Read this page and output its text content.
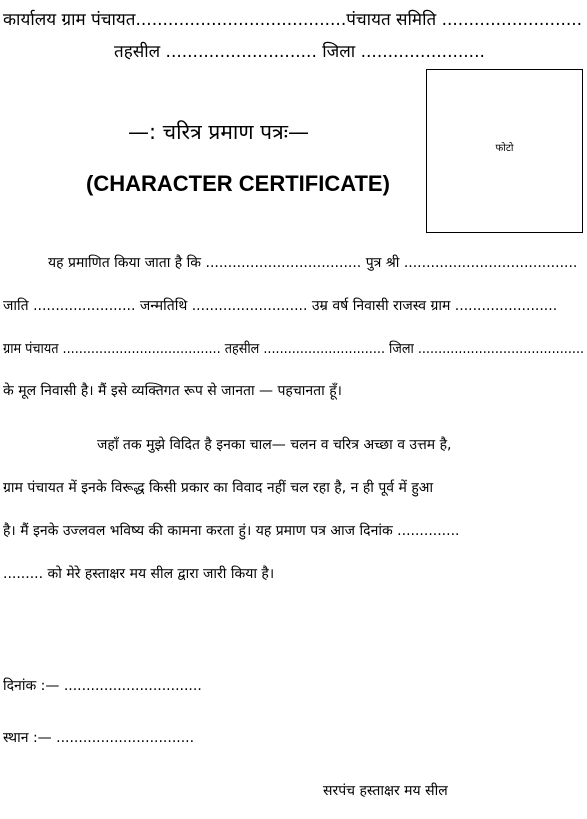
कार्यालय ग्राम पंचायत.......................................पंचायत समिति ..........................
तहसील ............................ जिला .......................
—: चरित्र प्रमाण पत्रः—
(CHARACTER CERTIFICATE)
फोटो
यह प्रमाणित किया जाता है कि ................................... पुत्र श्री .......................................
जाति ....................... जन्मतिथि .......................... उम्र वर्ष निवासी राजस्व ग्राम .......................
ग्राम पंचायत ....................................... तहसील .............................. जिला .........................................
के मूल निवासी है। मैं इसे व्यक्तिगत रूप से जानता — पहचानता हूँ।
जहाँ तक मुझे विदित है इनका चाल— चलन व चरित्र अच्छा व उत्तम है,
ग्राम पंचायत में इनके विरूद्ध किसी प्रकार का विवाद नहीं चल रहा है, न ही पूर्व में हुआ
है। मैं इनके उज्लवल भविष्य की कामना करता हुं। यह प्रमाण पत्र आज दिनांक ..............
......... को मेरे हस्ताक्षर मय सील द्वारा जारी किया है।
दिनांक :— ...............................
स्थान :— ...............................
सरपंच हस्ताक्षर मय सील
